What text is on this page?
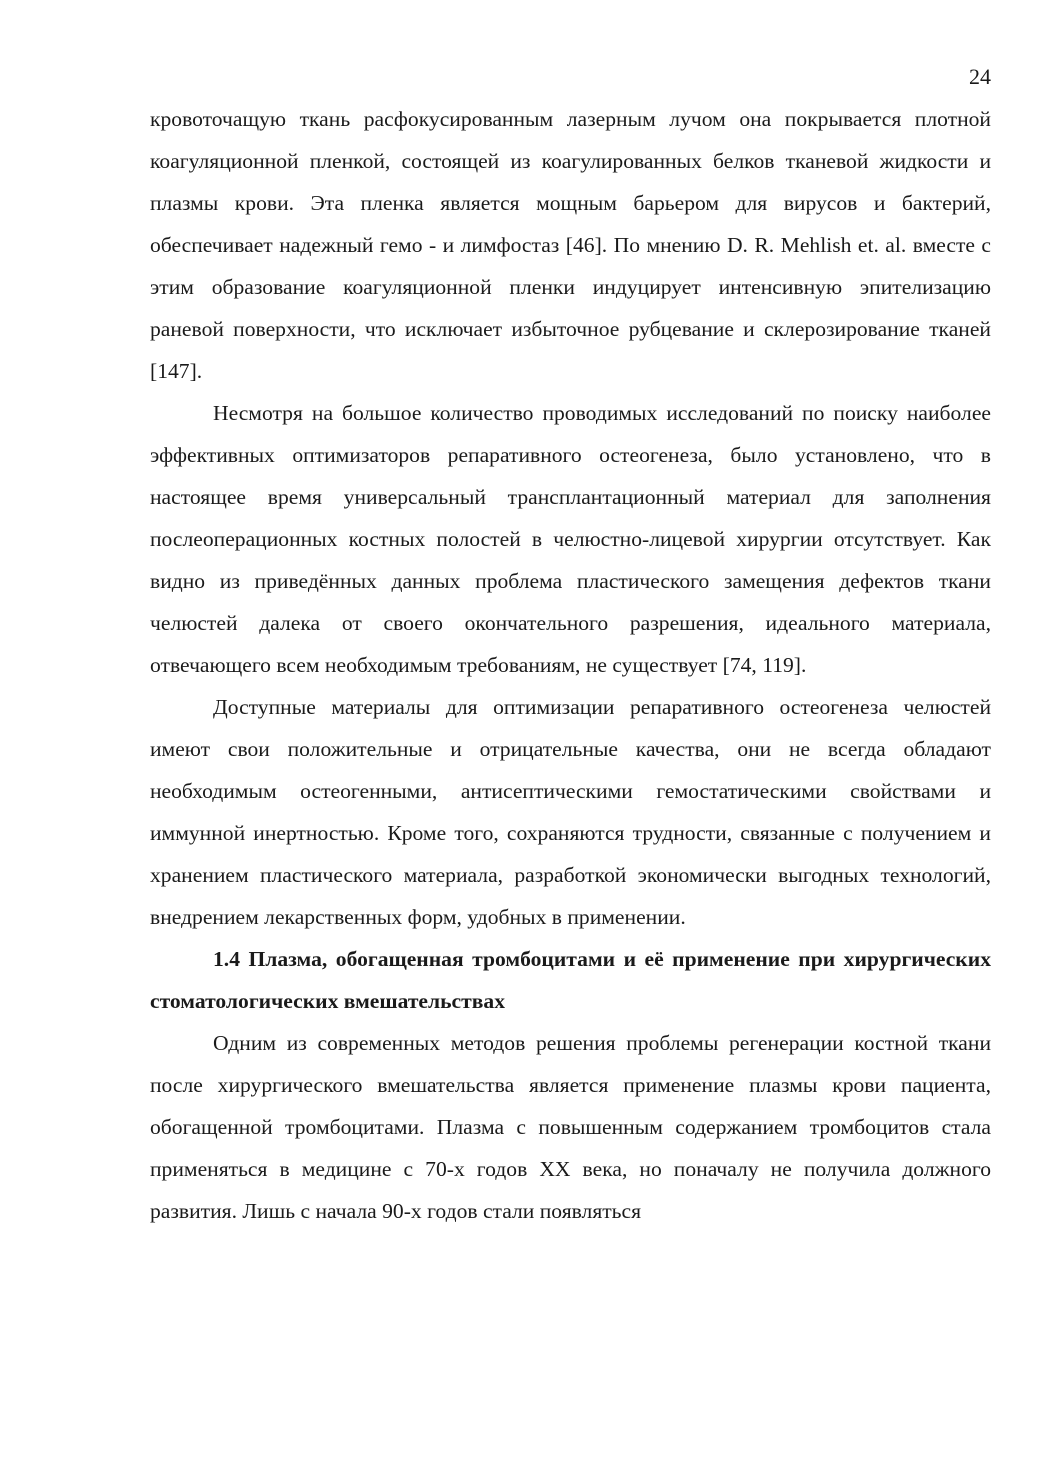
24

кровоточащую ткань расфокусированным лазерным лучом она покрывается плотной коагуляционной пленкой, состоящей из коагулированных белков тканевой жидкости и плазмы крови. Эта пленка является мощным барьером для вирусов и бактерий, обеспечивает надежный гемо - и лимфостаз [46]. По мнению D. R. Mehlish et. al. вместе с этим образование коагуляционной пленки индуцирует интенсивную эпителизацию раневой поверхности, что исключает избыточное рубцевание и склерозирование тканей [147].

Несмотря на большое количество проводимых исследований по поиску наиболее эффективных оптимизаторов репаративного остеогенеза, было установлено, что в настоящее время универсальный трансплантационный материал для заполнения послеоперационных костных полостей в челюстно-лицевой хирургии отсутствует. Как видно из приведённых данных проблема пластического замещения дефектов ткани челюстей далека от своего окончательного разрешения, идеального материала, отвечающего всем необходимым требованиям, не существует [74, 119].

Доступные материалы для оптимизации репаративного остеогенеза челюстей имеют свои положительные и отрицательные качества, они не всегда обладают необходимым остеогенными, антисептическими гемостатическими свойствами и иммунной инертностью. Кроме того, сохраняются трудности, связанные с получением и хранением пластического материала, разработкой экономически выгодных технологий, внедрением лекарственных форм, удобных в применении.

1.4 Плазма, обогащенная тромбоцитами и её применение при хирургических стоматологических вмешательствах

Одним из современных методов решения проблемы регенерации костной ткани после хирургического вмешательства является применение плазмы крови пациента, обогащенной тромбоцитами. Плазма с повышенным содержанием тромбоцитов стала применяться в медицине с 70-х годов XX века, но поначалу не получила должного развития. Лишь с начала 90-х годов стали появляться
